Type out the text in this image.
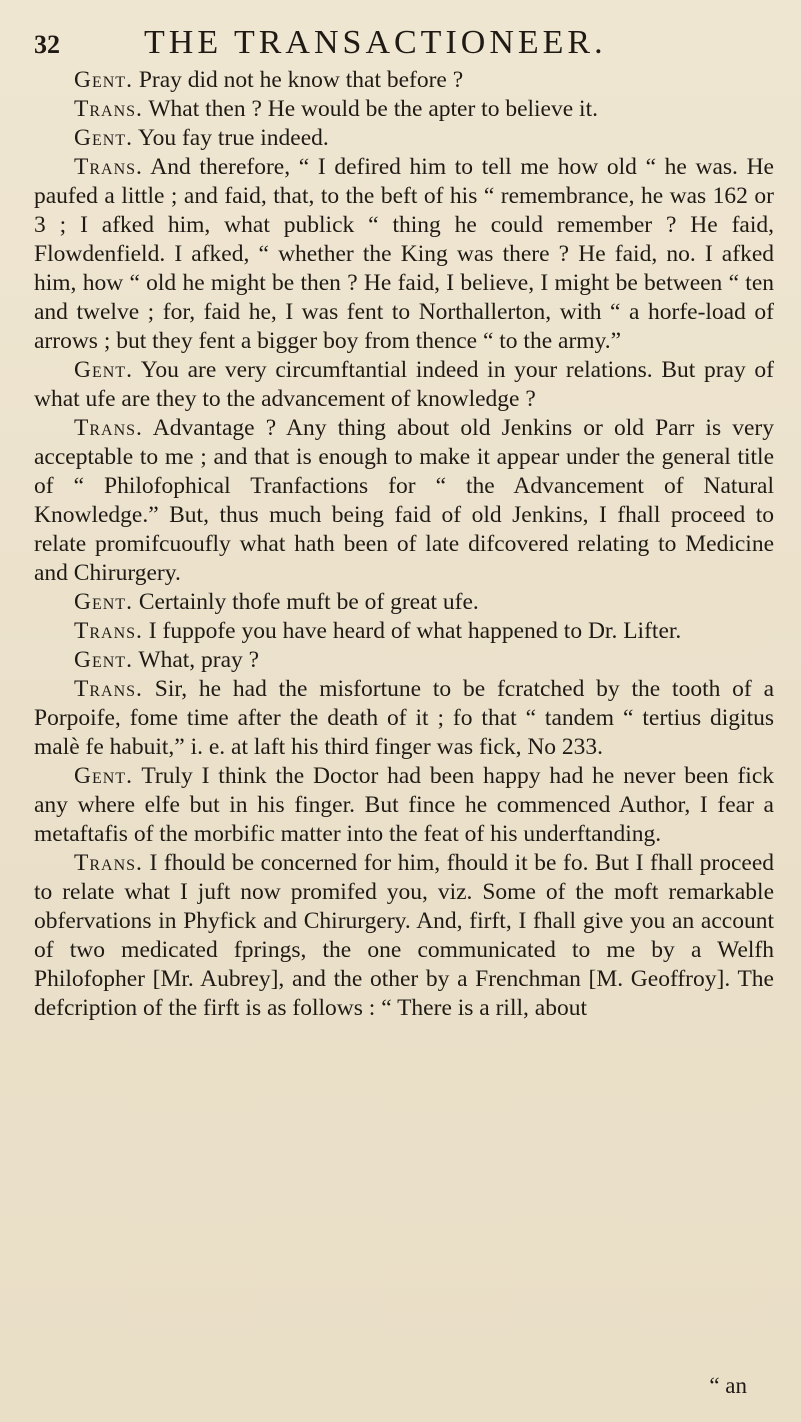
32	THE TRANSACTIONEER.

Gent. Pray did not he know that before ?

Trans. What then ? He would be the apter to believe it.

Gent. You fay true indeed.

Trans. And therefore, “ I defired him to tell me how old “ he was. He paufed a little ; and faid, that, to the beft of his “ remembrance, he was 162 or 3 ; I afked him, what publick “ thing he could remember ? He faid, Flowdenfield. I afked, “ whether the King was there ? He faid, no. I afked him, how “ old he might be then ? He faid, I believe, I might be between “ ten and twelve ; for, faid he, I was fent to Northallerton, with “ a horfe-load of arrows ; but they fent a bigger boy from thence “ to the army.”

Gent. You are very circumftantial indeed in your relations. But pray of what ufe are they to the advancement of knowledge ?

Trans. Advantage ? Any thing about old Jenkins or old Parr is very acceptable to me ; and that is enough to make it appear under the general title of “ Philofophical Tranfactions for “ the Advancement of Natural Knowledge.” But, thus much being faid of old Jenkins, I fhall proceed to relate promifcuoufly what hath been of late difcovered relating to Medicine and Chirurgery.

Gent. Certainly thofe muft be of great ufe.

Trans. I fuppofe you have heard of what happened to Dr. Lifter.

Gent. What, pray ?

Trans. Sir, he had the misfortune to be fcratched by the tooth of a Porpoife, fome time after the death of it ; fo that “ tandem “ tertius digitus malè fe habuit,” i. e. at laft his third finger was fick, No 233.

Gent. Truly I think the Doctor had been happy had he never been fick any where elfe but in his finger. But fince he commenced Author, I fear a metaftafis of the morbific matter into the feat of his underftanding.

Trans. I fhould be concerned for him, fhould it be fo. But I fhall proceed to relate what I juft now promifed you, viz. Some of the moft remarkable obfervations in Phyfick and Chirurgery. And, firft, I fhall give you an account of two medicated fprings, the one communicated to me by a Welfh Philofopher [Mr. Aubrey], and the other by a Frenchman [M. Geoffroy]. The defcription of the firft is as follows : “ There is a rill, about

“ an
